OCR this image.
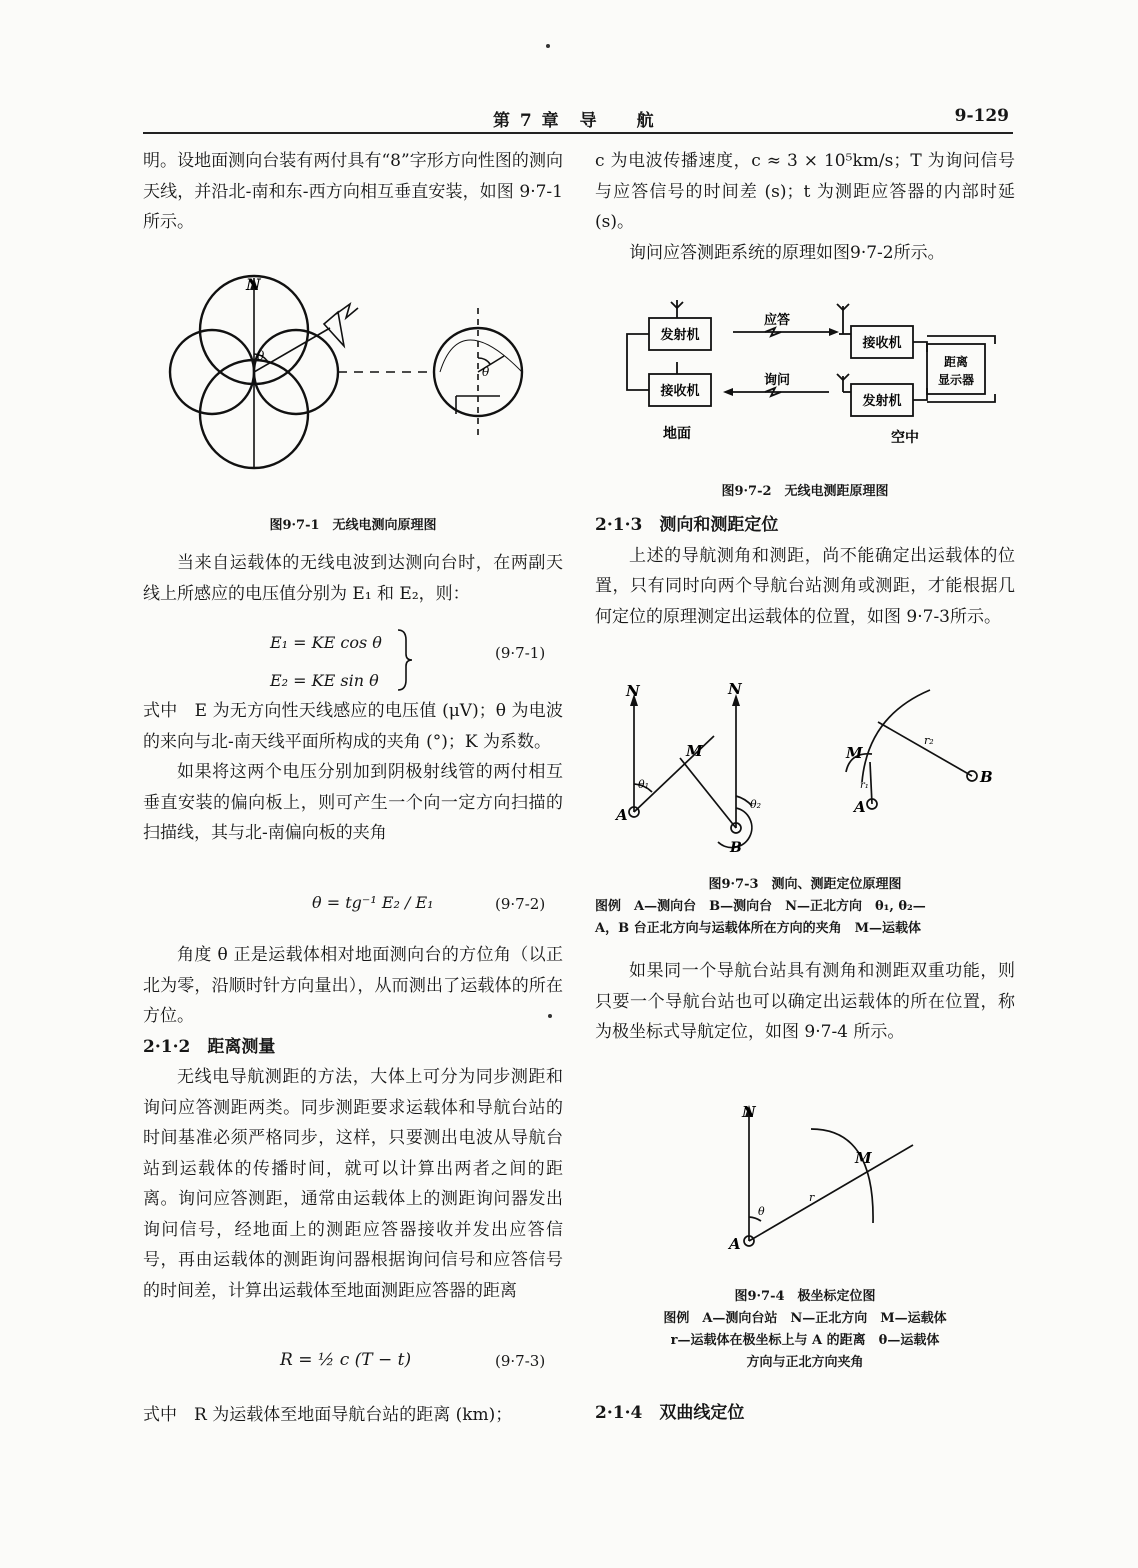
第 7 章　导　　航	9-129

明。设地面测向台装有两付具有“8”字形方向性图的测向天线，并沿北-南和东-西方向相互垂直安装，如图 9·7-1 所示。

N
θ
θ
图9·7-1　无线电测向原理图

当来自运载体的无线电波到达测向台时，在两副天线上所感应的电压值分别为 E₁ 和 E₂，则：

E₁ = KE cos θ
E₂ = KE sin θ
(9·7-1)

式中　E 为无方向性天线感应的电压值 (μV)；θ 为电波的来向与北-南天线平面所构成的夹角 (°)；K 为系数。

如果将这两个电压分别加到阴极射线管的两付相互垂直安装的偏向板上，则可产生一个向一定方向扫描的扫描线，其与北-南偏向板的夹角

θ = tg⁻¹ E₂ / E₁	(9·7-2)

角度 θ 正是运载体相对地面测向台的方位角（以正北为零，沿顺时针方向量出），从而测出了运载体的所在方位。

2·1·2　距离测量

无线电导航测距的方法，大体上可分为同步测距和询问应答测距两类。同步测距要求运载体和导航台站的时间基准必须严格同步，这样，只要测出电波从导航台站到运载体的传播时间，就可以计算出两者之间的距离。询问应答测距，通常由运载体上的测距询问器发出询问信号，经地面上的测距应答器接收并发出应答信号，再由运载体的测距询问器根据询问信号和应答信号的时间差，计算出运载体至地面测距应答器的距离

R = ½ c (T − t)	(9·7-3)

式中　R 为运载体至地面导航台站的距离 (km)；

c 为电波传播速度，c ≈ 3 × 10⁵km/s；T 为询问信号与应答信号的时间差 (s)；t 为测距应答器的内部时延 (s)。

询问应答测距系统的原理如图9·7-2所示。

发射机
接收机
接收机
发射机
距离
显示器
应答
询问
地面	空中
图9·7-2　无线电测距原理图

2·1·3　测向和测距定位

上述的导航测角和测距，尚不能确定出运载体的位置，只有同时向两个导航台站测角或测距，才能根据几何定位的原理测定出运载体的位置，如图 9·7-3所示。

N	N
A
B
M
θ₁
θ₂	A
B
M
r₁
r₂
图9·7-3　测向、测距定位原理图
图例　A—测向台　B—测向台　N—正北方向　θ₁, θ₂—
A，B 台正北方向与运载体所在方向的夹角　M—运载体

如果同一个导航台站具有测角和测距双重功能，则只要一个导航台站也可以确定出运载体的所在位置，称为极坐标式导航定位，如图 9·7-4 所示。

N
A
M
r
θ
图9·7-4　极坐标定位图
图例　A—测向台站　N—正北方向　M—运载体
r—运载体在极坐标上与 A 的距离　θ—运载体
方向与正北方向夹角

2·1·4　双曲线定位
